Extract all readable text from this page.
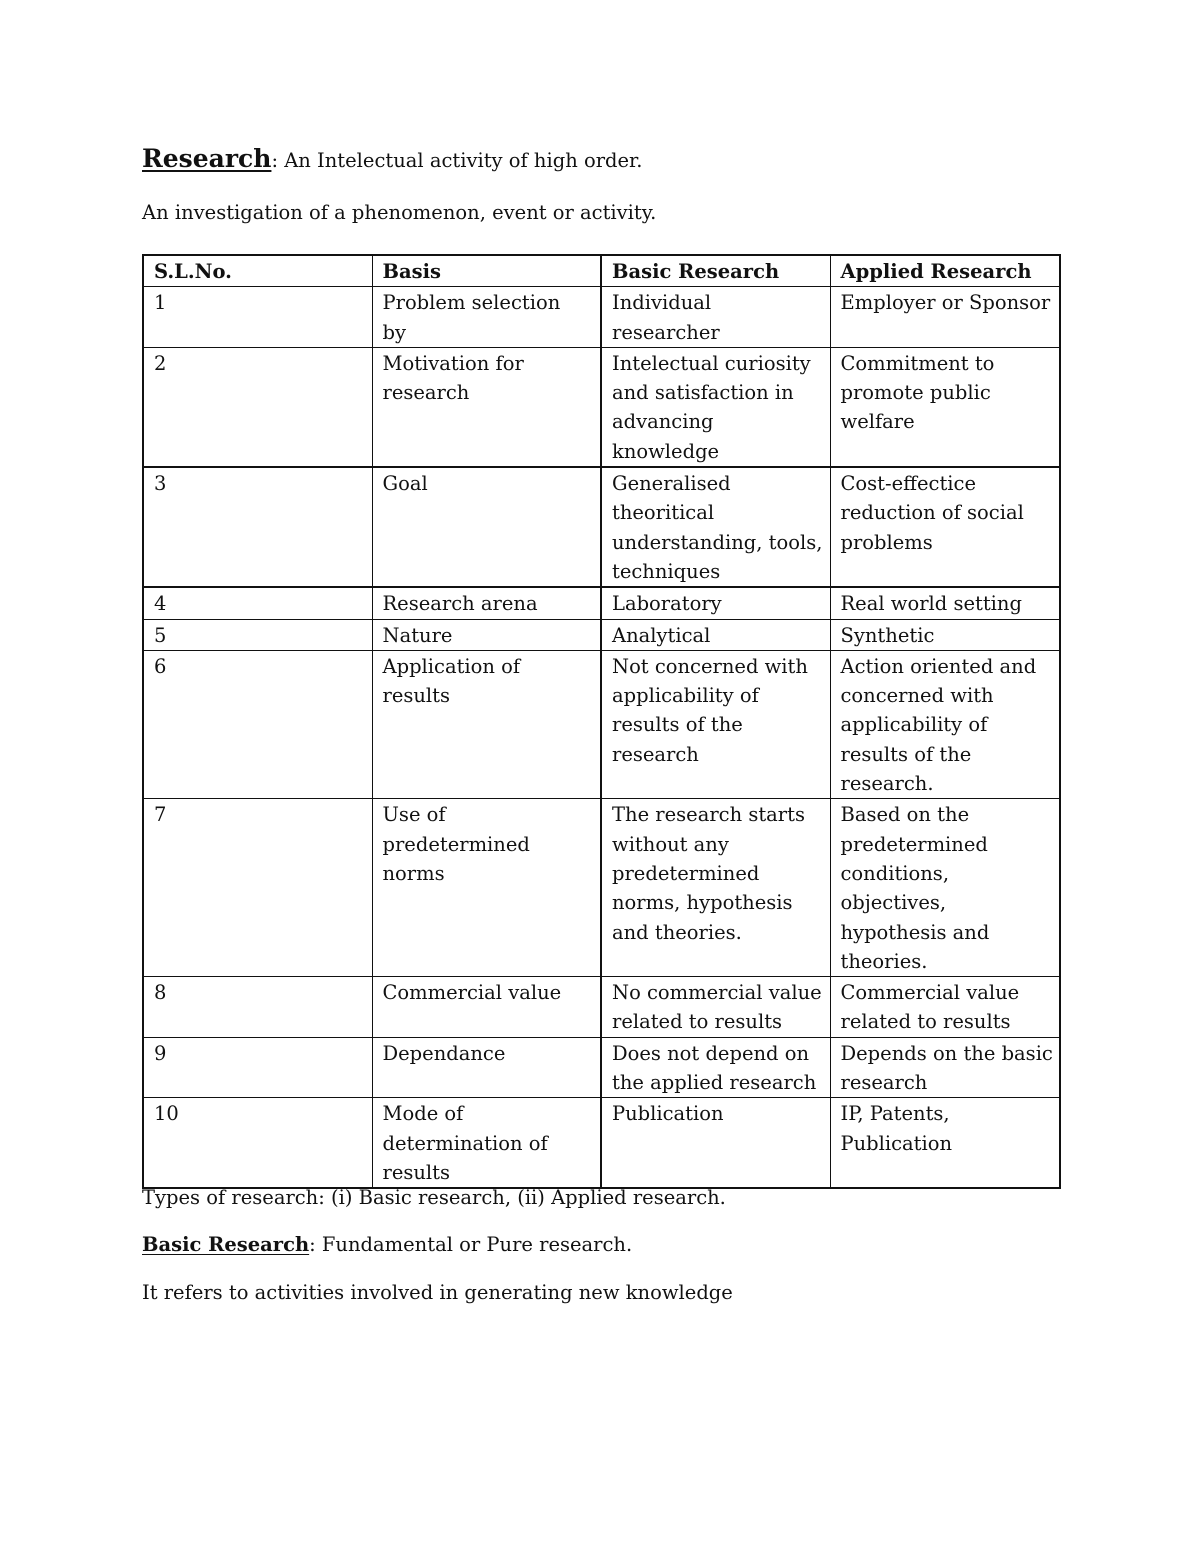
Research: An Intelectual activity of high order.
An investigation of a phenomenon, event or activity.
S.L.No.	Basis	Basic Research	Applied Research
1	Problem selection by	Individual researcher	Employer or Sponsor
2	Motivation for research	Intelectual curiosity and satisfaction in advancing knowledge	Commitment to promote public welfare
3	Goal	Generalised theoritical understanding, tools, techniques	Cost-effectice reduction of social problems
4	Research arena	Laboratory	Real world setting
5	Nature	Analytical	Synthetic
6	Application of results	Not concerned with applicability of results of the research	Action oriented and concerned with applicability of results of the research.
7	Use of predetermined norms	The research starts without any predetermined norms, hypothesis and theories.	Based on the predetermined conditions, objectives, hypothesis and theories.
8	Commercial value	No commercial value related to results	Commercial value related to results
9	Dependance	Does not depend on the applied research	Depends on the basic research
10	Mode of determination of results	Publication	IP, Patents, Publication
Types of research: (i) Basic research, (ii) Applied research.
Basic Research: Fundamental or Pure research.
It refers to activities involved in generating new knowledge
